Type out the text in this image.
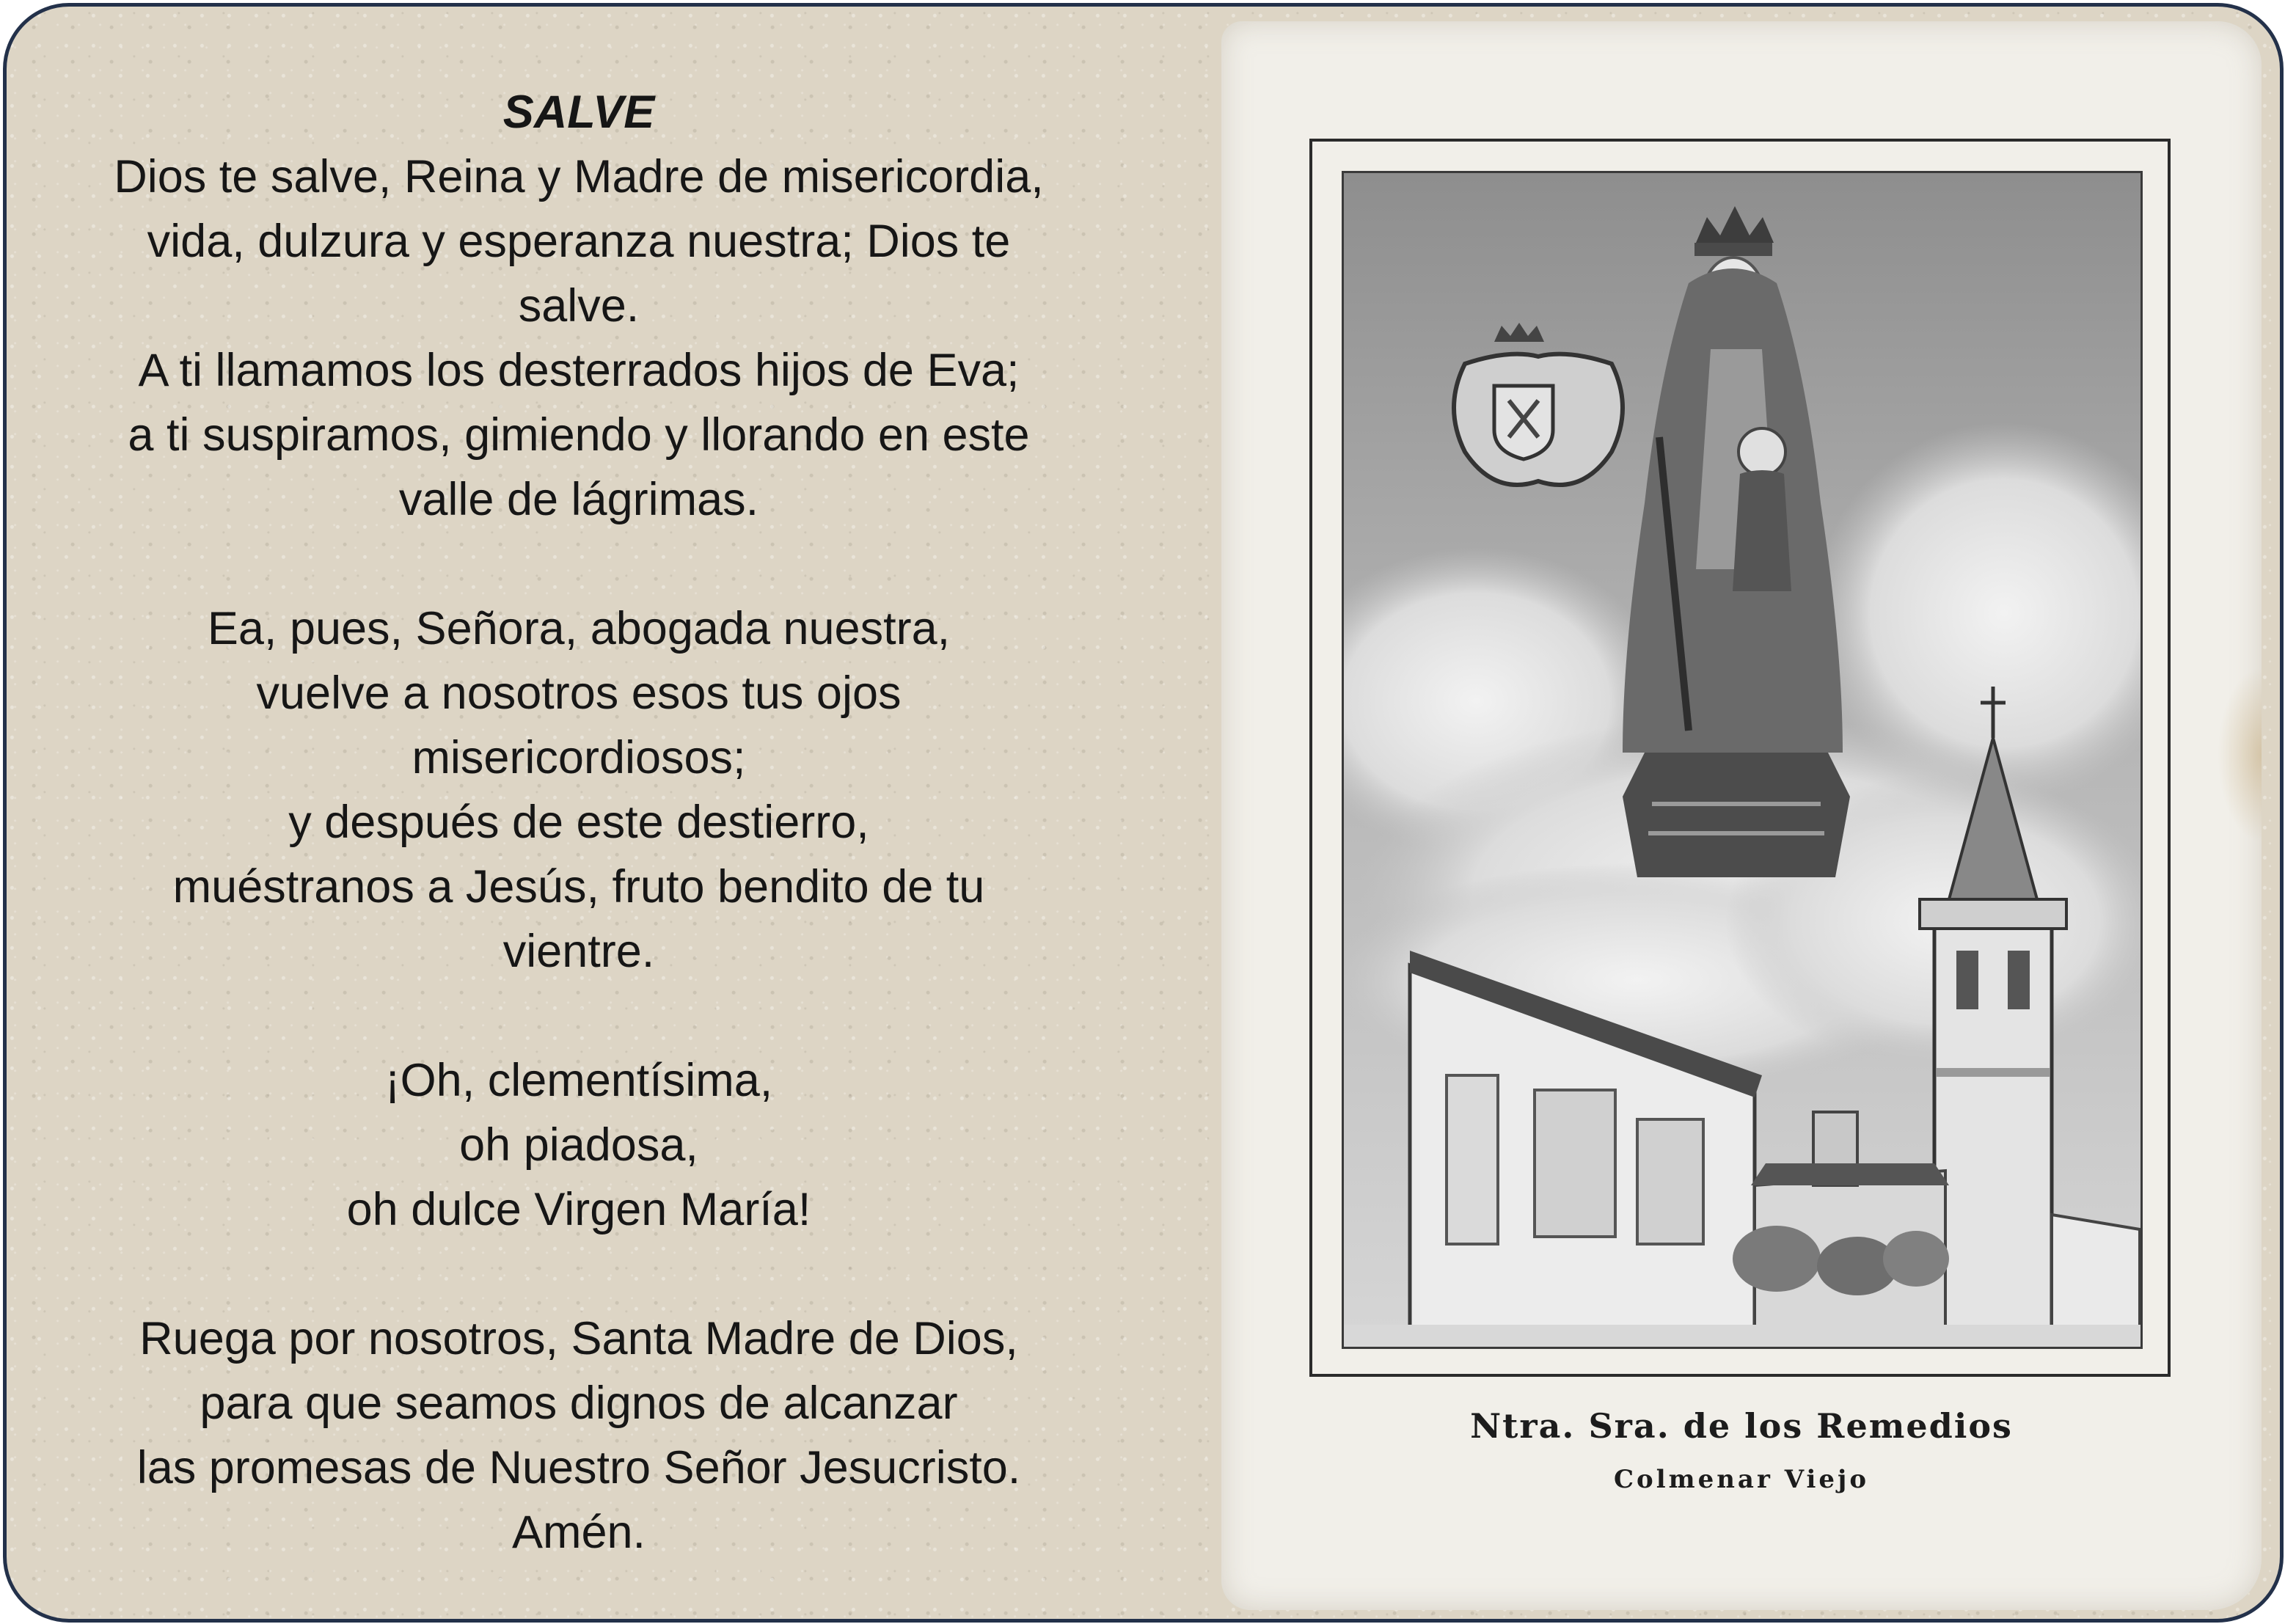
SALVE
Dios te salve, Reina y Madre de misericordia,
vida, dulzura y esperanza nuestra; Dios te
salve.
A ti llamamos los desterrados hijos de Eva;
a ti suspiramos, gimiendo y llorando en este
valle de lágrimas.
Ea, pues, Señora, abogada nuestra,
vuelve a nosotros esos tus ojos
misericordiosos;
y después de este destierro,
muéstranos a Jesús, fruto bendito de tu
vientre.
¡Oh, clementísima,
oh piadosa,
oh dulce Virgen María!
Ruega por nosotros, Santa Madre de Dios,
para que seamos dignos de alcanzar
las promesas de Nuestro Señor Jesucristo.
Amén.
Ntra. Sra. de los Remedios
Colmenar Viejo
